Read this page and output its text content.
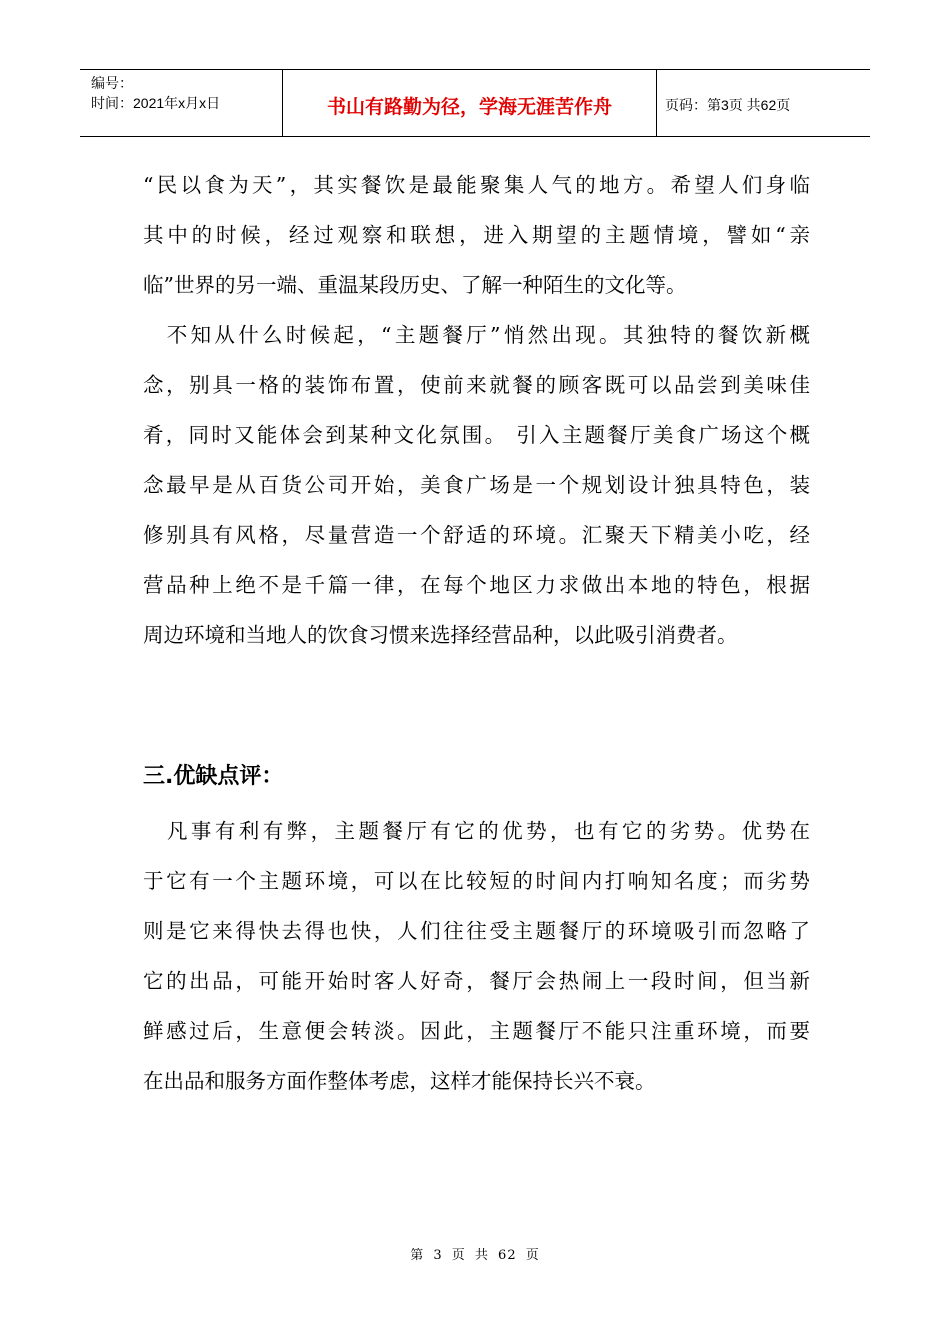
编号：
时间：2021年x月x日	书山有路勤为径，学海无涯苦作舟	页码：第3页 共62页
“民以食为天”，其实餐饮是最能聚集人气的地方。希望人们身临
其中的时候，经过观察和联想，进入期望的主题情境，譬如“亲
临”世界的另一端、重温某段历史、了解一种陌生的文化等。
　不知从什么时候起，“主题餐厅”悄然出现。其独特的餐饮新概
念，别具一格的装饰布置，使前来就餐的顾客既可以品尝到美味佳
肴，同时又能体会到某种文化氛围。 引入主题餐厅美食广场这个概
念最早是从百货公司开始，美食广场是一个规划设计独具特色，装
修别具有风格，尽量营造一个舒适的环境。汇聚天下精美小吃，经
营品种上绝不是千篇一律，在每个地区力求做出本地的特色，根据
周边环境和当地人的饮食习惯来选择经营品种，以此吸引消费者。
三.优缺点评：
　凡事有利有弊，主题餐厅有它的优势，也有它的劣势。优势在
于它有一个主题环境，可以在比较短的时间内打响知名度；而劣势
则是它来得快去得也快，人们往往受主题餐厅的环境吸引而忽略了
它的出品，可能开始时客人好奇，餐厅会热闹上一段时间，但当新
鲜感过后，生意便会转淡。因此，主题餐厅不能只注重环境，而要
在出品和服务方面作整体考虑，这样才能保持长兴不衰。
第 3 页 共 62 页
